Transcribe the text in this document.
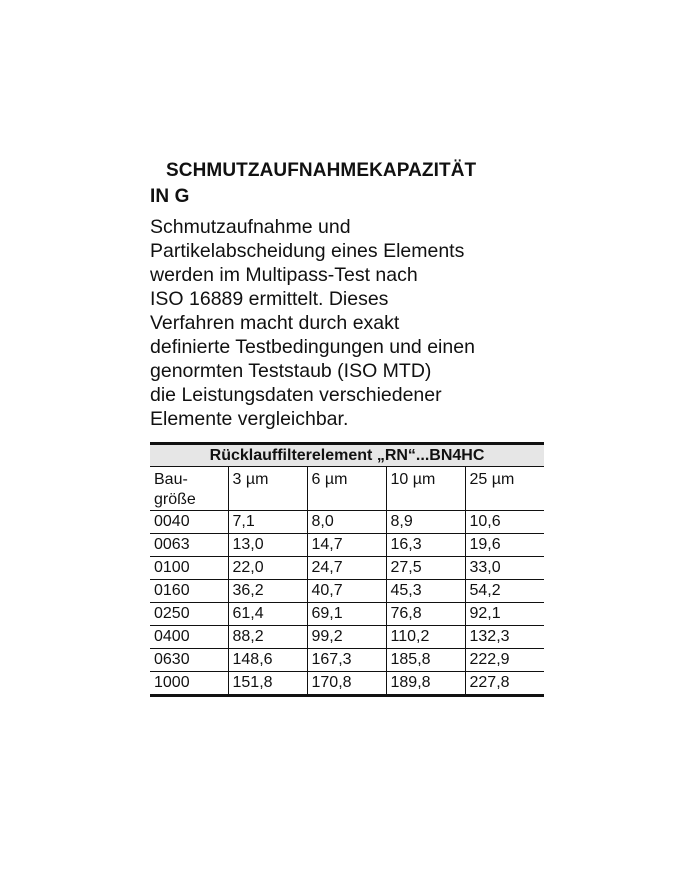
SCHMUTZAUFNAHMEKAPAZITÄT
IN G

Schmutzaufnahme und
Partikelabscheidung eines Elements
werden im Multipass-Test nach
ISO 16889 ermittelt. Dieses
Verfahren macht durch exakt
definierte Testbedingungen und einen
genormten Teststaub (ISO MTD)
die Leistungsdaten verschiedener
Elemente vergleichbar.

Rücklauffilterelement „RN“...BN4HC				
Bau-
größe	3 µm	6 µm	10 µm	25 µm
0040	7,1	8,0	8,9	10,6
0063	13,0	14,7	16,3	19,6
0100	22,0	24,7	27,5	33,0
0160	36,2	40,7	45,3	54,2
0250	61,4	69,1	76,8	92,1
0400	88,2	99,2	110,2	132,3
0630	148,6	167,3	185,8	222,9
1000	151,8	170,8	189,8	227,8
